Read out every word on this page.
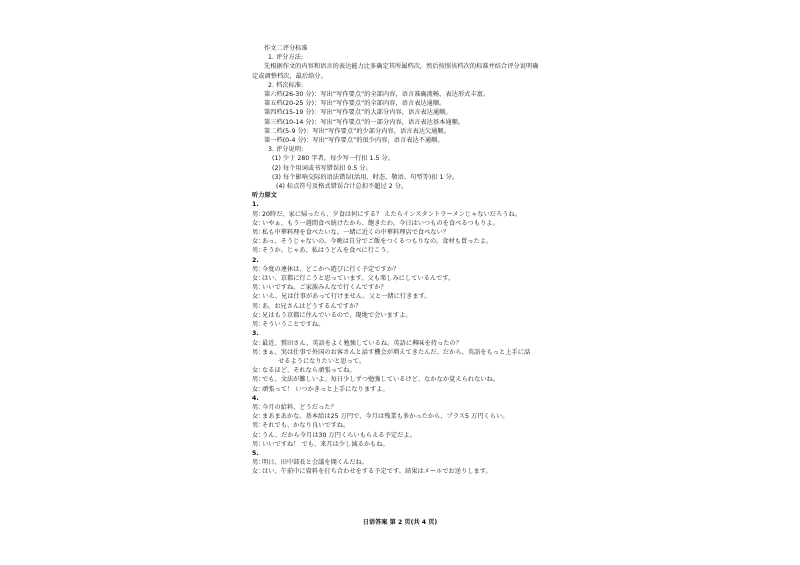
作文二评分标准
1. 评分方法:
先根据作文的内容和语言的表达能力比多确定其所属档次，然后按照该档次的标准并结合评分说明确
定或调整档次，最后给分。
2. 档次标准:
第六档(26-30 分)：写出“写作要点”的全部内容，语言准确流畅，表达形式丰富。
第五档(20-25 分)：写出“写作要点”的全部内容，语言表达通顺。
第四档(15-19 分)：写出“写作要点”的大部分内容，语言表达通顺。
第三档(10-14 分)：写出“写作要点”的一部分内容，语言表达基本通顺。
第二档(5-9 分)：写出“写作要点”的少部分内容，语言表达欠通顺。
第一档(0-4 分)：写出“写作要点”的很少内容，语言表达不通顺。
3. 评分说明:
(1) 少于 280 字者，每少写一行扣 1.5 分。
(2) 每个用词或书写错误扣 0.5 分。
(3) 每个影响交际的语法错误(活用、时态、敬语、句型等)扣 1 分。
(4) 标点符号及格式错误合计总扣不超过 2 分。
听力原文
1.
男：
20時だ、家に帰ったら、夕食は何にする？ えたらインスタントラーメンじゃないだろうね。
女：
いやぁ、もう一週間食べ続けたから、飽きたわ。今日はいつものを食べるつもりよ。
男：
私も中華料理を食べたいな。一緒に近くの中華料理店で食べない？
女：
あっ、そうじゃないの。今晩は自分でご飯をつくるつもりなの。食材も買ったよ。
男：
そうか。じゃあ、私はうどんを食べに行こう。
2.
男：
今度の連休は、どこかへ遊びに行く予定ですか？
女：
はい、京都に行こうと思っています。父も楽しみにしているんです。
男：
いいですね。ご家族みんなで行くんですか？
女：
いえ、兄は仕事があって行けません。父と一緒に行きます。
男：
あ、お兄さんはどうするんですか？
女：
兄はもう京都に住んでいるので、現地で会いますよ。
男：
そういうことですね。
3.
女：
最近、鷲田さん、英語をよく勉強しているね。英語に興味を持ったの？
男：
まぁ、実は仕事で外国のお客さんと話す機会が増えてきたんだ。だから、英語をもっと上手に話
せるようになりたいと思って。
女：
なるほど、それなら頑張ってね。
男：
でも、文法が難しいよ。毎日少しずつ勉強しているけど、なかなか覚えられないね。
女：
頑張って！ いつかきっと上手になりますよ。
4.
男：
今月の給料、どうだった？
女：
まあまあかな。基本給は25 万円で、今月は残業も多かったから、プラス5 万円くらい。
男：
それでも、かなり良いですね。
女：
うん、だから今月は30 万円くらいもらえる予定だよ。
男：
いいですね！ でも、来月は少し減るかもね。
5.
男：
明日、田中部長と会議を開くんだね。
女：
はい、午前中に資料を打ち合わせをする予定です。結果はメールでお送りします。
日语答案 第 2 页(共 4 页)
